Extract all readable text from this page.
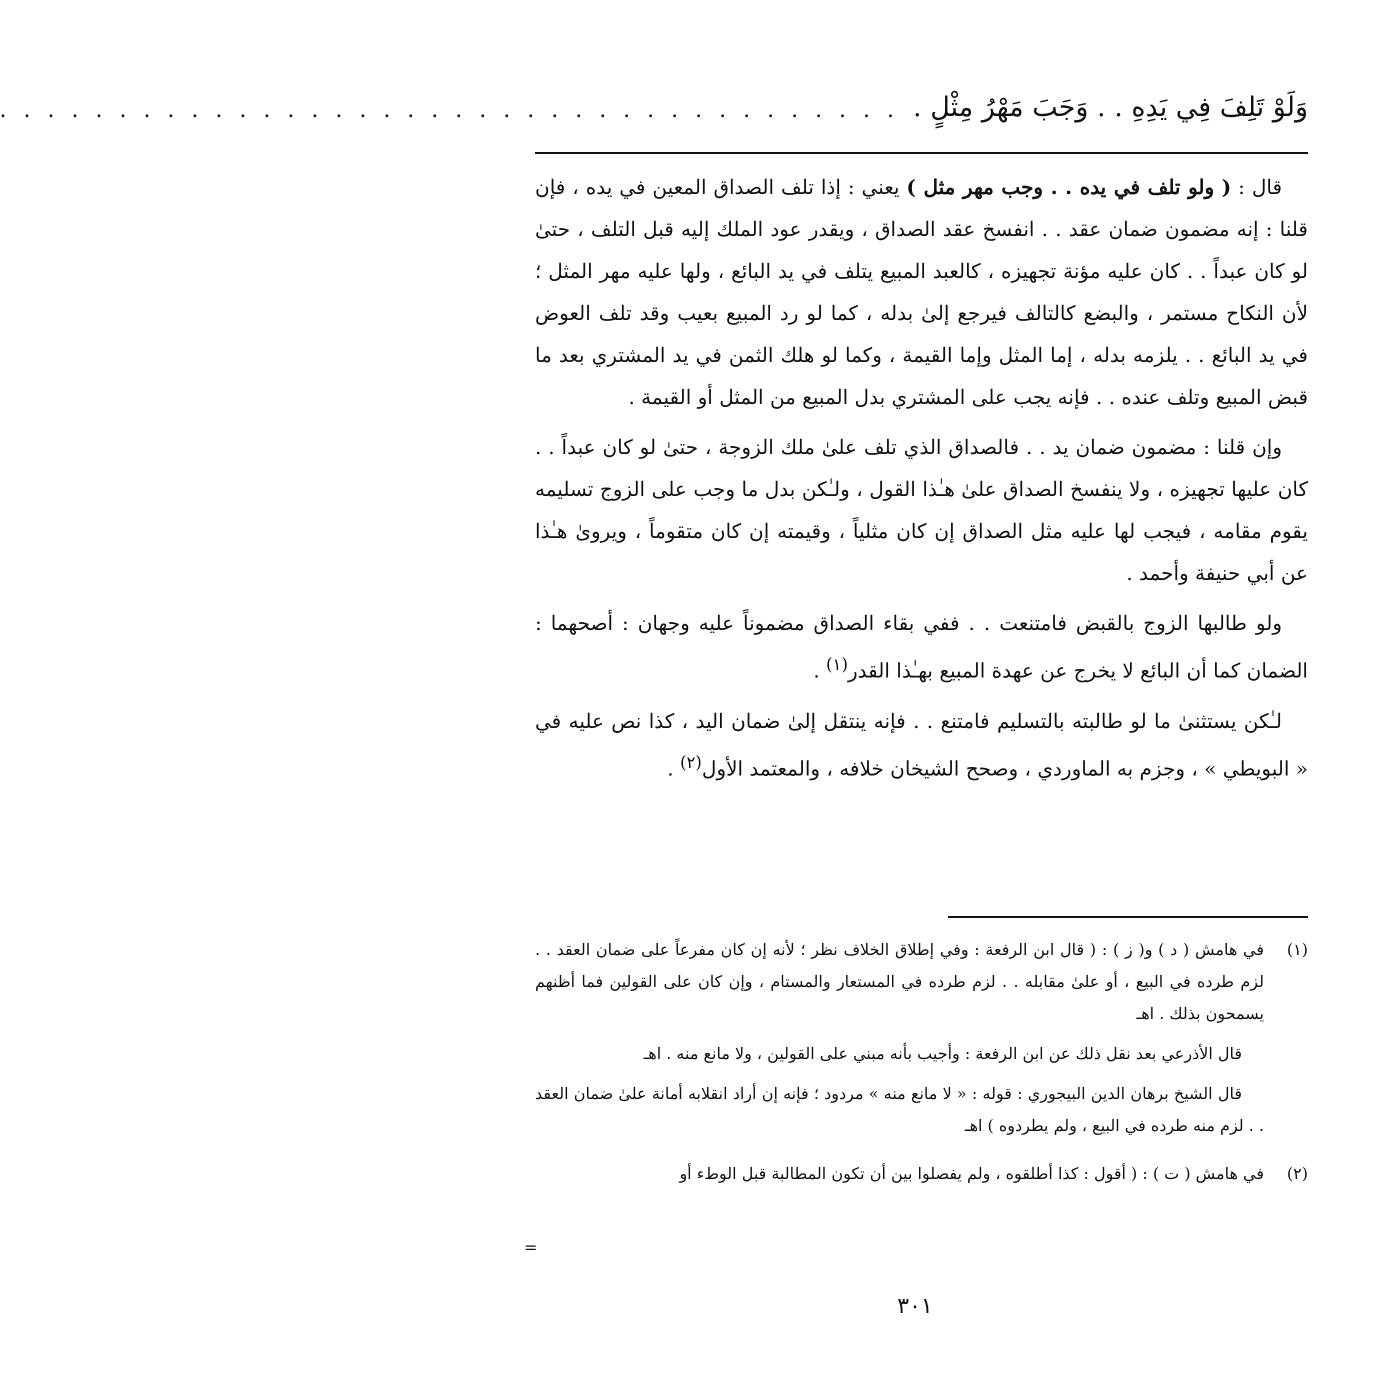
وَلَوْ تَلِفَ فِي يَدِهِ . . وَجَبَ مَهْرُ مِثْلٍ .
. . . . . . . . . . . . . . . . . . . . . . . . . . . . . . . . . . . . . .

قال : ( ولو تلف في يده . . وجب مهر مثل ) يعني : إذا تلف الصداق المعين في يده ، فإن قلنا : إنه مضمون ضمان عقد . . انفسخ عقد الصداق ، ويقدر عود الملك إليه قبل التلف ، حتىٰ لو كان عبداً . . كان عليه مؤنة تجهيزه ، كالعبد المبيع يتلف في يد البائع ، ولها عليه مهر المثل ؛ لأن النكاح مستمر ، والبضع كالتالف فيرجع إلىٰ بدله ، كما لو رد المبيع بعيب وقد تلف العوض في يد البائع . . يلزمه بدله ، إما المثل وإما القيمة ، وكما لو هلك الثمن في يد المشتري بعد ما قبض المبيع وتلف عنده . . فإنه يجب على المشتري بدل المبيع من المثل أو القيمة .

وإن قلنا : مضمون ضمان يد . . فالصداق الذي تلف علىٰ ملك الزوجة ، حتىٰ لو كان عبداً . . كان عليها تجهيزه ، ولا ينفسخ الصداق علىٰ هـٰذا القول ، ولـٰكن بدل ما وجب على الزوج تسليمه يقوم مقامه ، فيجب لها عليه مثل الصداق إن كان مثلياً ، وقيمته إن كان متقوماً ، ويروىٰ هـٰذا عن أبي حنيفة وأحمد .

ولو طالبها الزوج بالقبض فامتنعت . . ففي بقاء الصداق مضموناً عليه وجهان : أصحهما : الضمان كما أن البائع لا يخرج عن عهدة المبيع بهـٰذا القدر$^{(١)}$ .

لـٰكن يستثنىٰ ما لو طالبته بالتسليم فامتنع . . فإنه ينتقل إلىٰ ضمان اليد ، كذا نص عليه في « البويطي » ، وجزم به الماوردي ، وصحح الشيخان خلافه ، والمعتمد الأول$^{(٢)}$ .

(١)

في هامش ( د ) و( ز ) : ( قال ابن الرفعة : وفي إطلاق الخلاف نظر ؛ لأنه إن كان مفرعاً على ضمان العقد . . لزم طرده في البيع ، أو علىٰ مقابله . . لزم طرده في المستعار والمستام ، وإن كان على القولين فما أظنهم يسمحون بذلك . اهـ

قال الأذرعي بعد نقل ذلك عن ابن الرفعة : وأجيب بأنه مبني على القولين ، ولا مانع منه . اهـ

قال الشيخ برهان الدين البيجوري : قوله : « لا مانع منه » مردود ؛ فإنه إن أراد انقلابه أمانة علىٰ ضمان العقد . . لزم منه طرده في البيع ، ولم يطردوه ) اهـ

(٢)

في هامش ( ت ) : ( أقول : كذا أطلقوه ، ولم يفصلوا بين أن تكون المطالبة قبل الوطء أو

=
٣٠١
